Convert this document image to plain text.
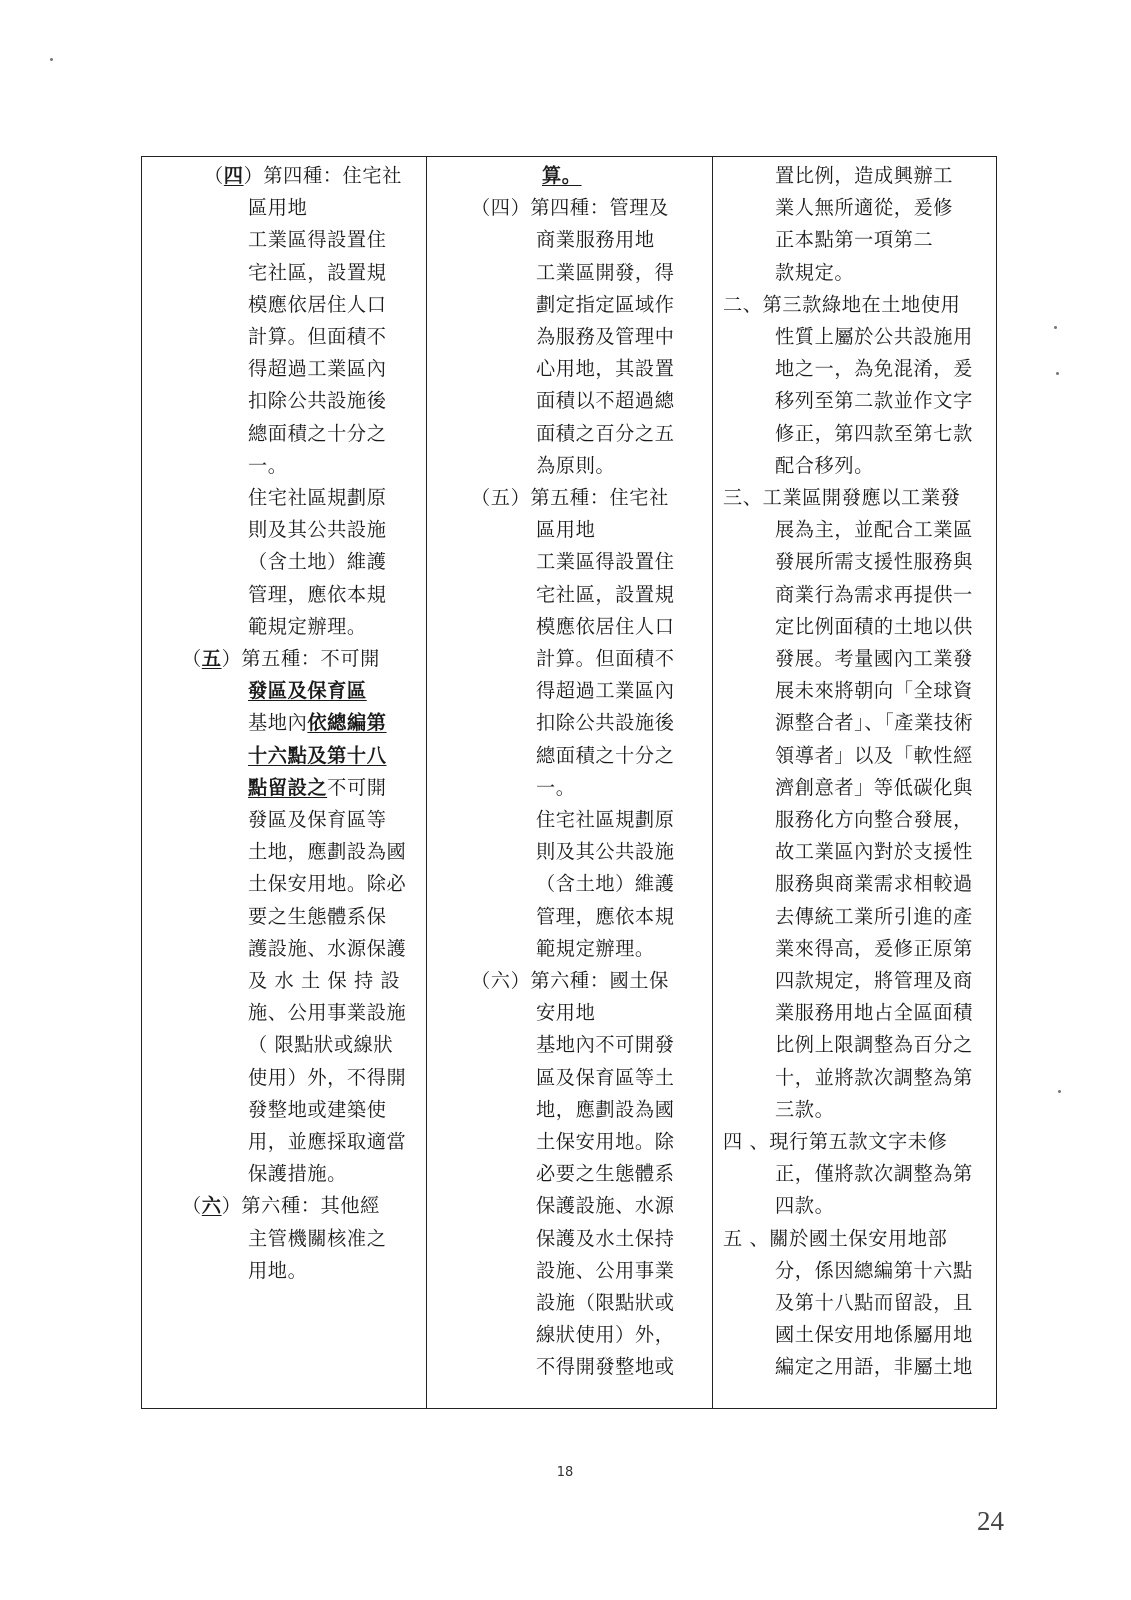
（四）第四種：住宅社
區用地
工業區得設置住
宅社區，設置規
模應依居住人口
計算。但面積不
得超過工業區內
扣除公共設施後
總面積之十分之
一。
住宅社區規劃原
則及其公共設施
（含土地）維護
管理，應依本規
範規定辦理。
（五）第五種：不可開
發區及保育區
基地內依總編第
十六點及第十八
點留設之不可開
發區及保育區等
土地，應劃設為國
土保安用地。除必
要之生態體系保
護設施、水源保護
及 水 土 保 持 設
施、公用事業設施
（ 限點狀或線狀
使用）外，不得開
發整地或建築使
用，並應採取適當
保護措施。
（六）第六種：其他經
主管機關核准之
用地。
算。
（四）第四種：管理及
商業服務用地
工業區開發，得
劃定指定區域作
為服務及管理中
心用地，其設置
面積以不超過總
面積之百分之五
為原則。
（五）第五種：住宅社
區用地
工業區得設置住
宅社區，設置規
模應依居住人口
計算。但面積不
得超過工業區內
扣除公共設施後
總面積之十分之
一。
住宅社區規劃原
則及其公共設施
（含土地）維護
管理，應依本規
範規定辦理。
（六）第六種：國土保
安用地
基地內不可開發
區及保育區等土
地，應劃設為國
土保安用地。除
必要之生態體系
保護設施、水源
保護及水土保持
設施、公用事業
設施（限點狀或
線狀使用）外，
不得開發整地或
置比例，造成興辦工
業人無所適從，爰修
正本點第一項第二
款規定。
二、第三款綠地在土地使用
性質上屬於公共設施用
地之一，為免混淆，爰
移列至第二款並作文字
修正，第四款至第七款
配合移列。
三、工業區開發應以工業發
展為主，並配合工業區
發展所需支援性服務與
商業行為需求再提供一
定比例面積的土地以供
發展。考量國內工業發
展未來將朝向「全球資
源整合者」、「產業技術
領導者」以及「軟性經
濟創意者」等低碳化與
服務化方向整合發展，
故工業區內對於支援性
服務與商業需求相較過
去傳統工業所引進的產
業來得高，爰修正原第
四款規定，將管理及商
業服務用地占全區面積
比例上限調整為百分之
十，並將款次調整為第
三款。
四 、現行第五款文字未修
正，僅將款次調整為第
四款。
五 、關於國土保安用地部
分，係因總編第十六點
及第十八點而留設，且
國土保安用地係屬用地
編定之用語，非屬土地
18
24
